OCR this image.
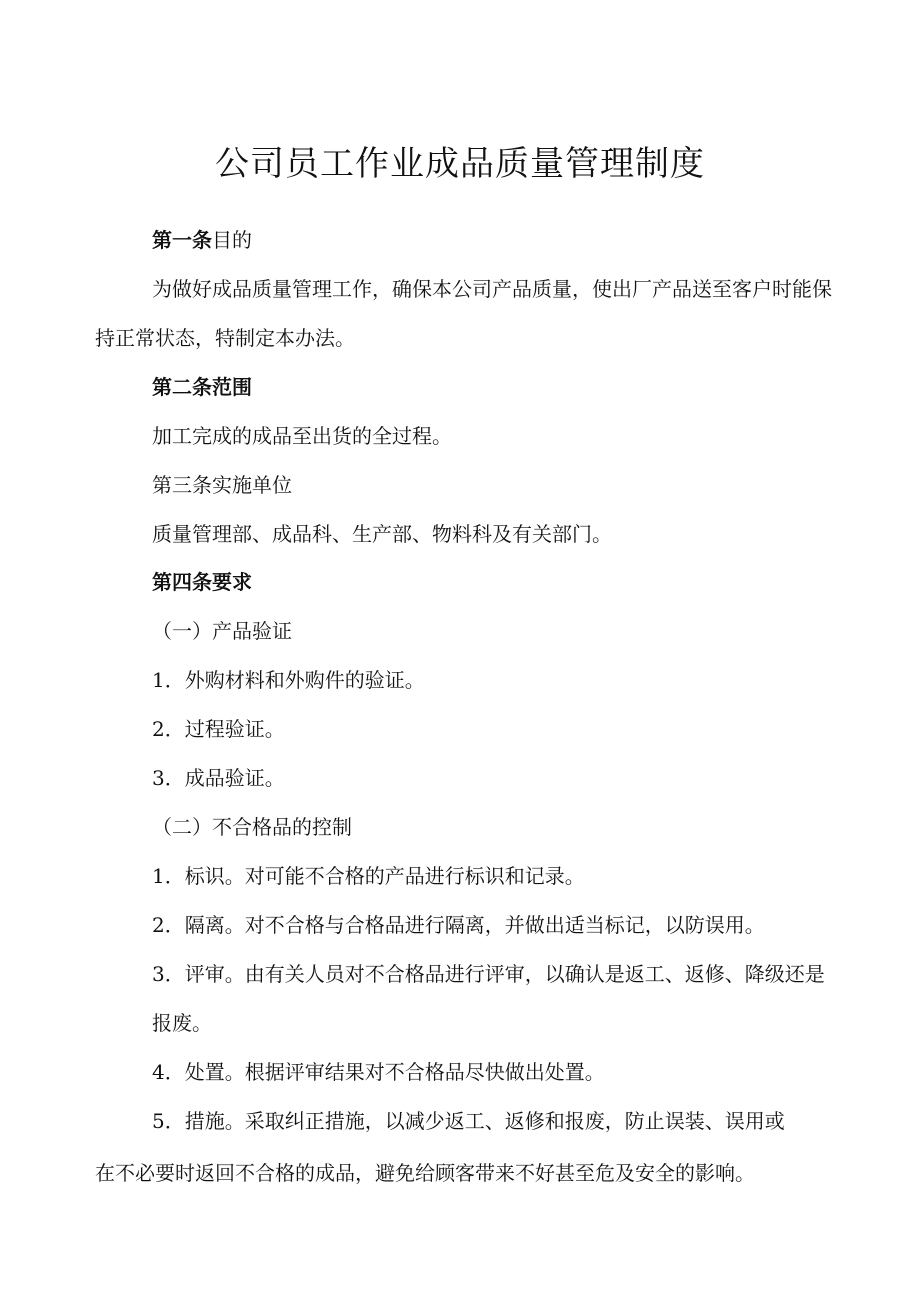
公司员工作业成品质量管理制度
第一条目的
为做好成品质量管理工作，确保本公司产品质量，使出厂产品送至客户时能保
持正常状态，特制定本办法。
第二条范围
加工完成的成品至出货的全过程。
第三条实施单位
质量管理部、成品科、生产部、物料科及有关部门。
第四条要求
（一）产品验证
1．外购材料和外购件的验证。
2．过程验证。
3．成品验证。
（二）不合格品的控制
1．标识。对可能不合格的产品进行标识和记录。
2．隔离。对不合格与合格品进行隔离，并做出适当标记，以防误用。
3．评审。由有关人员对不合格品进行评审，以确认是返工、返修、降级还是
报废。
4．处置。根据评审结果对不合格品尽快做出处置。
5．措施。采取纠正措施，以减少返工、返修和报废，防止误装、误用或
在不必要时返回不合格的成品，避免给顾客带来不好甚至危及安全的影响。
